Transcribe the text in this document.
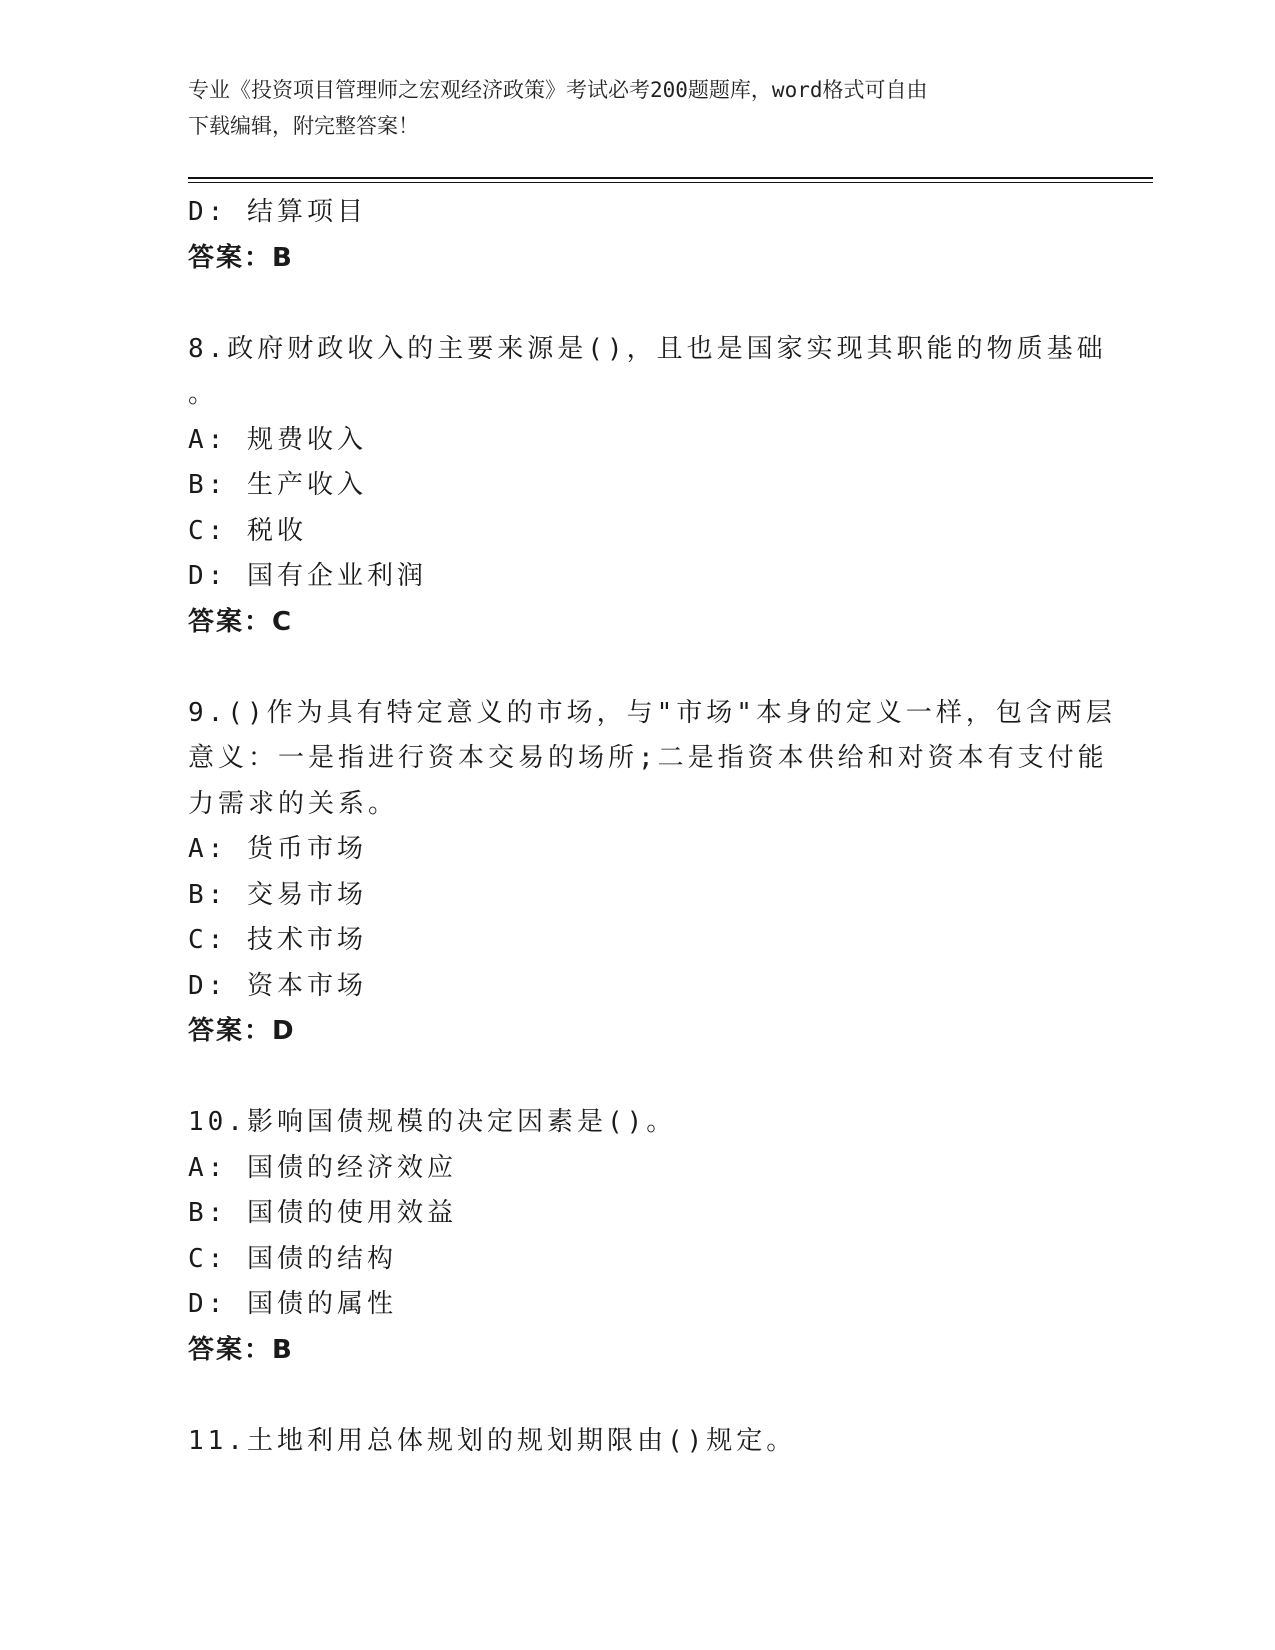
专业《投资项目管理师之宏观经济政策》考试必考200题题库，word格式可自由
下载编辑，附完整答案！
D: 结算项目
答案：B
8.政府财政收入的主要来源是()，且也是国家实现其职能的物质基础
。
A: 规费收入
B: 生产收入
C: 税收
D: 国有企业利润
答案：C
9.()作为具有特定意义的市场，与"市场"本身的定义一样，包含两层
意义：一是指进行资本交易的场所;二是指资本供给和对资本有支付能
力需求的关系。
A: 货币市场
B: 交易市场
C: 技术市场
D: 资本市场
答案：D
10.影响国债规模的决定因素是()。
A: 国债的经济效应
B: 国债的使用效益
C: 国债的结构
D: 国债的属性
答案：B
11.土地利用总体规划的规划期限由()规定。
